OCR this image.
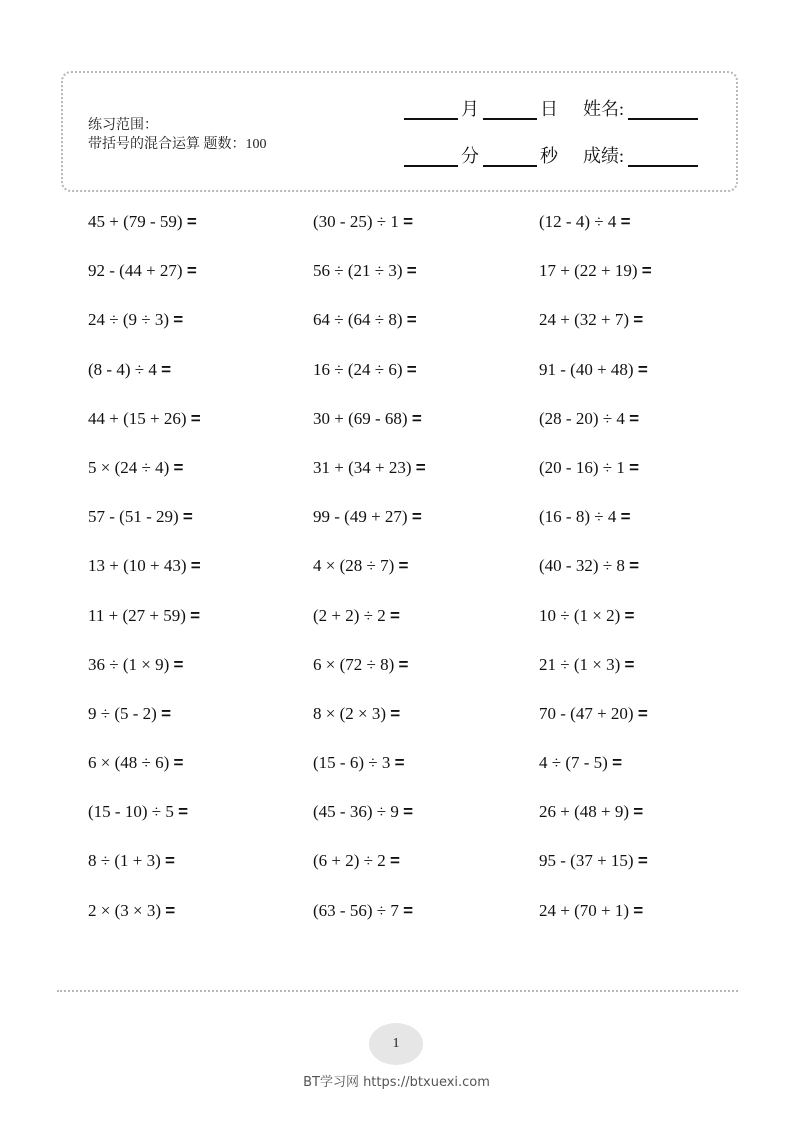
练习范围：
带括号的混合运算 题数：100
月	日 姓名:
分	秒 成绩:
45 + (79 - 59) =	(30 - 25) ÷ 1 =	(12 - 4) ÷ 4 =
92 - (44 + 27) =	56 ÷ (21 ÷ 3) =	17 + (22 + 19) =
24 ÷ (9 ÷ 3) =	64 ÷ (64 ÷ 8) =	24 + (32 + 7) =
(8 - 4) ÷ 4 =	16 ÷ (24 ÷ 6) =	91 - (40 + 48) =
44 + (15 + 26) =	30 + (69 - 68) =	(28 - 20) ÷ 4 =
5 × (24 ÷ 4) =	31 + (34 + 23) =	(20 - 16) ÷ 1 =
57 - (51 - 29) =	99 - (49 + 27) =	(16 - 8) ÷ 4 =
13 + (10 + 43) =	4 × (28 ÷ 7) =	(40 - 32) ÷ 8 =
11 + (27 + 59) =	(2 + 2) ÷ 2 =	10 ÷ (1 × 2) =
36 ÷ (1 × 9) =	6 × (72 ÷ 8) =	21 ÷ (1 × 3) =
9 ÷ (5 - 2) =	8 × (2 × 3) =	70 - (47 + 20) =
6 × (48 ÷ 6) =	(15 - 6) ÷ 3 =	4 ÷ (7 - 5) =
(15 - 10) ÷ 5 =	(45 - 36) ÷ 9 =	26 + (48 + 9) =
8 ÷ (1 + 3) =	(6 + 2) ÷ 2 =	95 - (37 + 15) =
2 × (3 × 3) =	(63 - 56) ÷ 7 =	24 + (70 + 1) =
1
BT学习网 https://btxuexi.com
